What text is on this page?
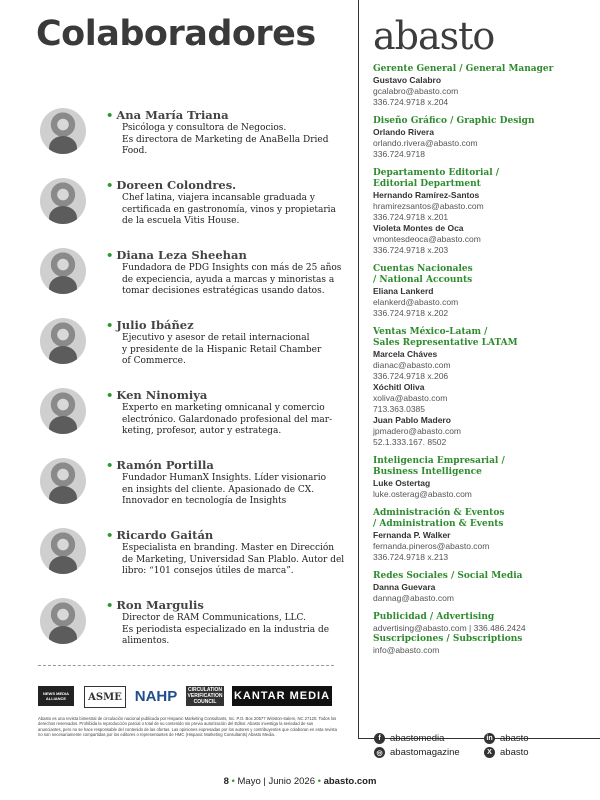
Colaboradores abasto
• Ana María Triana
Psicóloga y consultora de Negocios.
Es directora de Marketing de AnaBella Dried
Food.
• Doreen Colondres.
Chef latina, viajera incansable graduada y
certificada en gastronomía, vinos y propietaria
de la escuela Vitis House.
• Diana Leza Sheehan
Fundadora de PDG Insights con más de 25 años
de expeciencia, ayuda a marcas y minoristas a
tomar decisiones estratégicas usando datos.
• Julio Ibáñez
Ejecutivo y asesor de retail internacional
y presidente de la Hispanic Retail Chamber
of Commerce.
• Ken Ninomiya
Experto en marketing omnicanal y comercio
electrónico. Galardonado profesional del mar-
keting, profesor, autor y estratega.
• Ramón Portilla
Fundador HumanX Insights. Líder visionario
en insights del cliente. Apasionado de CX.
Innovador en tecnología de Insights
• Ricardo Gaitán
Especialista en branding. Master en Dirección
de Marketing, Universidad San Plablo. Autor del
libro: “101 consejos útiles de marca”.
• Ron Margulis
Director de RAM Communications, LLC.
Es periodista especializado en la industria de
alimentos.
NEWS MEDIA ALLIANCE	ASME NAHP	CIRCULATION VERIFICATION COUNCIL	KANTAR MEDIA
Abasto es una revista bimestral de circulación nacional publicada por Hispanic Marketing Consultants, Inc. P.O. Box 20577 Winston-Salem, NC 27120. Todos los derechos reservados. Prohibida la reproducción parcial o total de su contenido sin previa autorización del Editor. Abasto investiga la seriedad de sus anunciantes, pero no se hace responsable del contenido de las ofertas. Las opiniones expresadas por los autores y contribuyentes que colaboran en esta revista no son necesariamente compartidas por los editores o representantes de HMC (Hispanic Marketing Consultants) Abasto Media.
Gerente General / General Manager
Gustavo Calabro
gcalabro@abasto.com
336.724.9718 x.204
Diseño Gráfico / Graphic Design
Orlando Rivera
orlando.rivera@abasto.com
336.724.9718
Departamento Editorial /
Editorial Department
Hernando Ramírez-Santos
hramirezsantos@abasto.com
336.724.9718 x.201
Violeta Montes de Oca
vmontesdeoca@abasto.com
336.724.9718 x.203
Cuentas Nacionales
/ National Accounts
Eliana Lankerd
elankerd@abasto.com
336.724.9718 x.202
Ventas México-Latam /
Sales Representative LATAM
Marcela Cháves
dianac@abasto.com
336.724.9718 x.206
Xóchitl Oliva
xoliva@abasto.com
713.363.0385
Juan Pablo Madero
jpmadero@abasto.com
52.1.333.167. 8502
Inteligencia Empresarial /
Business Intelligence
Luke Ostertag
luke.osterag@abasto.com
Administración & Eventos
/ Administration & Events
Fernanda P. Walker
fernanda.pineros@abasto.com
336.724.9718 x.213
Redes Sociales / Social Media
Danna Guevara
dannag@abasto.com
Publicidad / Advertising
advertising@abasto.com | 336.486.2424
Suscripciones / Subscriptions
info@abasto.com
f abastomedia	in abasto
◎ abastomagazine	X abasto
8 • Mayo | Junio 2026 • abasto.com
